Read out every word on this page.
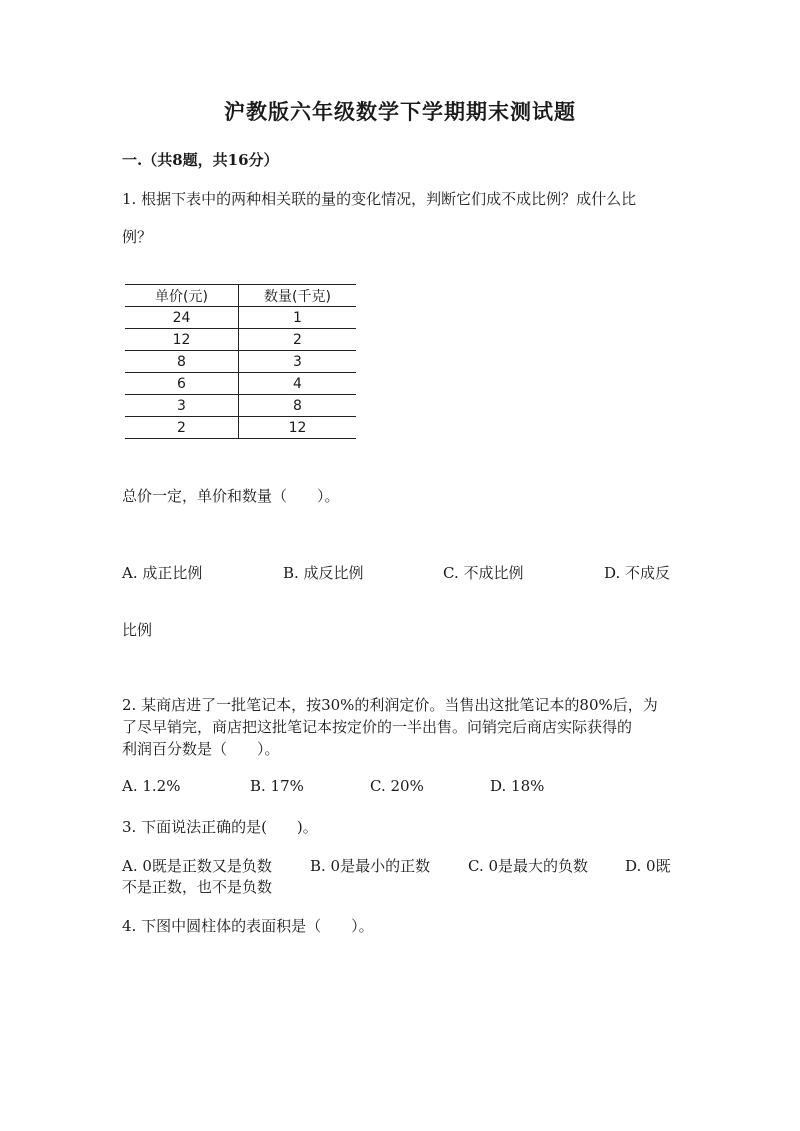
沪教版六年级数学下学期期末测试题
一.（共8题，共16分）
1. 根据下表中的两种相关联的量的变化情况，判断它们成不成比例？成什么比
例？
单价(元)	数量(千克)
24	1
12	2
8	3
6	4
3	8
2	12
总价一定，单价和数量（　　）。
A. 成正比例	B. 成反比例	C. 不成比例	D. 不成反
比例
2. 某商店进了一批笔记本，按30%的利润定价。当售出这批笔记本的80%后，为
了尽早销完，商店把这批笔记本按定价的一半出售。问销完后商店实际获得的
利润百分数是（　　）。
A. 1.2%	B. 17%	C. 20%	D. 18%
3. 下面说法正确的是(　　)。
A. 0既是正数又是负数	B. 0是最小的正数	C. 0是最大的负数 D. 0既
不是正数，也不是负数
4. 下图中圆柱体的表面积是（　　）。
